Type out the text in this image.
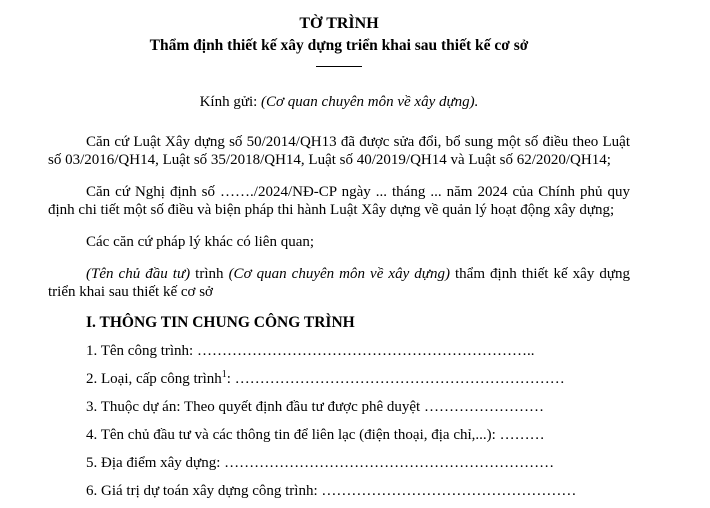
TỜ TRÌNH
Thẩm định thiết kế xây dựng triển khai sau thiết kế cơ sở
Kính gửi: (Cơ quan chuyên môn về xây dựng).

Căn cứ Luật Xây dựng số 50/2014/QH13 đã được sửa đổi, bổ sung một số điều theo Luật số 03/2016/QH14, Luật số 35/2018/QH14, Luật số 40/2019/QH14 và Luật số 62/2020/QH14;

Căn cứ Nghị định số ……./2024/NĐ-CP ngày ... tháng ... năm 2024 của Chính phủ quy định chi tiết một số điều và biện pháp thi hành Luật Xây dựng về quản lý hoạt động xây dựng;

Các căn cứ pháp lý khác có liên quan;

(Tên chủ đầu tư) trình (Cơ quan chuyên môn về xây dựng) thẩm định thiết kế xây dựng triển khai sau thiết kế cơ sở

I. THÔNG TIN CHUNG CÔNG TRÌNH
1. Tên công trình: …………………………………………………………..
2. Loại, cấp công trình$^1$: …………………………………………………………
3. Thuộc dự án: Theo quyết định đầu tư được phê duyệt ……………………
4. Tên chủ đầu tư và các thông tin để liên lạc (điện thoại, địa chỉ,...): ………
5. Địa điểm xây dựng: …………………………………………………………
6. Giá trị dự toán xây dựng công trình: ……………………………………………
